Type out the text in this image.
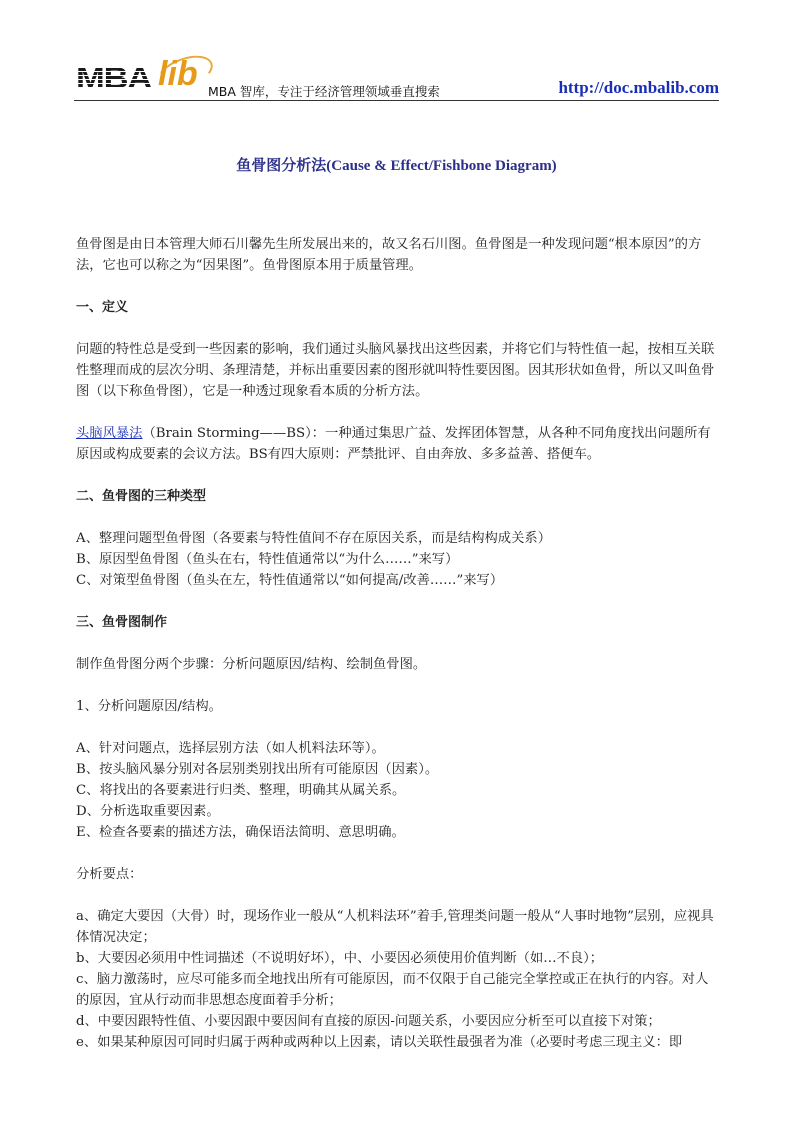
MBA lib MBA 智库，专注于经济管理领域垂直搜索	http://doc.mbalib.com
鱼骨图分析法(Cause & Effect/Fishbone Diagram)

鱼骨图是由日本管理大师石川馨先生所发展出来的，故又名石川图。鱼骨图是一种发现问题“根本原因”的方法，它也可以称之为“因果图”。鱼骨图原本用于质量管理。

一、定义

问题的特性总是受到一些因素的影响，我们通过头脑风暴找出这些因素，并将它们与特性值一起，按相互关联性整理而成的层次分明、条理清楚，并标出重要因素的图形就叫特性要因图。因其形状如鱼骨，所以又叫鱼骨图（以下称鱼骨图），它是一种透过现象看本质的分析方法。

头脑风暴法（Brain Storming——BS）：一种通过集思广益、发挥团体智慧，从各种不同角度找出问题所有原因或构成要素的会议方法。BS有四大原则：严禁批评、自由奔放、多多益善、搭便车。

二、鱼骨图的三种类型

A、整理问题型鱼骨图（各要素与特性值间不存在原因关系，而是结构构成关系）

B、原因型鱼骨图（鱼头在右，特性值通常以“为什么……”来写）

C、对策型鱼骨图（鱼头在左，特性值通常以“如何提高/改善……”来写）

三、鱼骨图制作

制作鱼骨图分两个步骤：分析问题原因/结构、绘制鱼骨图。

1、分析问题原因/结构。

A、针对问题点，选择层别方法（如人机料法环等）。

B、按头脑风暴分别对各层别类别找出所有可能原因（因素）。

C、将找出的各要素进行归类、整理，明确其从属关系。

D、分析选取重要因素。

E、检查各要素的描述方法，确保语法简明、意思明确。

分析要点：

a、确定大要因（大骨）时，现场作业一般从“人机料法环”着手,管理类问题一般从“人事时地物”层别，应视具体情况决定；

b、大要因必须用中性词描述（不说明好坏），中、小要因必须使用价值判断（如…不良）；

c、脑力激荡时，应尽可能多而全地找出所有可能原因，而不仅限于自己能完全掌控或正在执行的内容。对人的原因，宜从行动而非思想态度面着手分析；

d、中要因跟特性值、小要因跟中要因间有直接的原因-问题关系，小要因应分析至可以直接下对策；

e、如果某种原因可同时归属于两种或两种以上因素，请以关联性最强者为准（必要时考虑三现主义：即
